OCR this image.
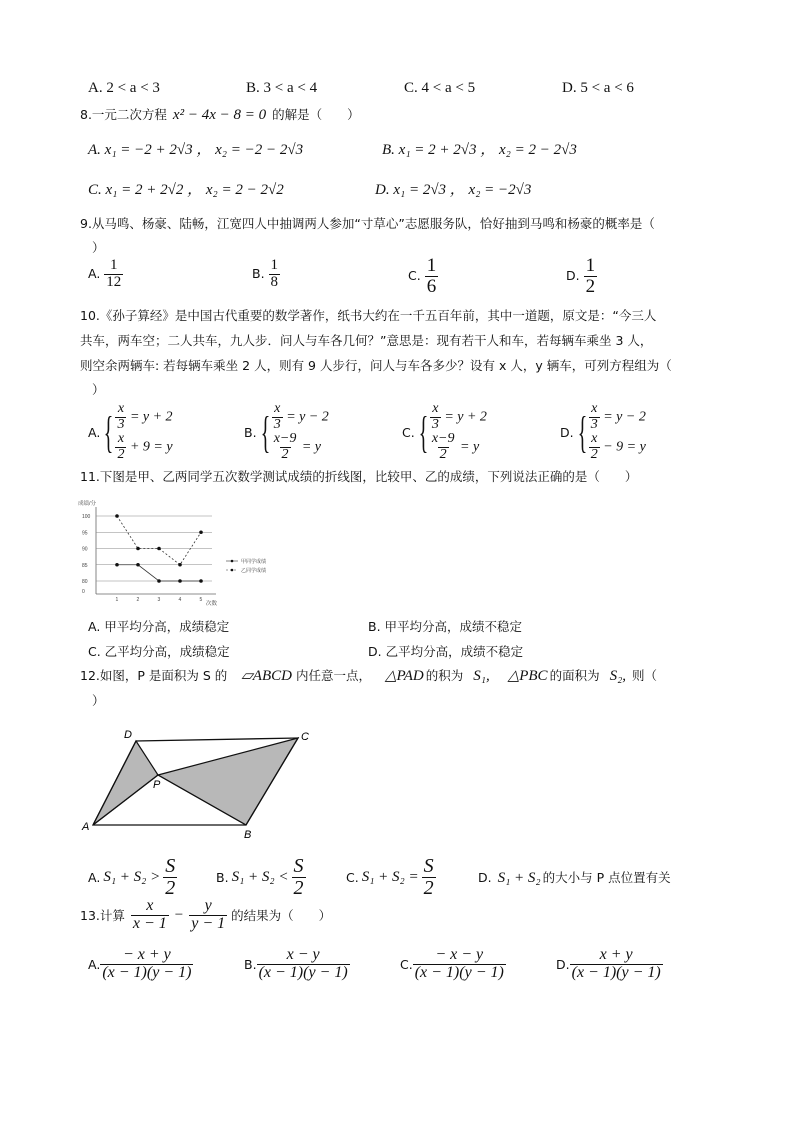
A. 2 < a < 3	B. 3 < a < 4	C. 4 < a < 5	D. 5 < a < 6
8.一元二次方程 x² − 4x − 8 = 0 的解是（　　）
A. x₁ = −2 + 2√3 ， x₂ = −2 − 2√3	B. x₁ = 2 + 2√3 ， x₂ = 2 − 2√3
C. x₁ = 2 + 2√2 ， x₂ = 2 − 2√2	D. x₁ = 2√3 ， x₂ = −2√3
9.从马鸣、杨豪、陆畅，江宽四人中抽调两人参加“寸草心”志愿服务队，恰好抽到马鸣和杨豪的概率是（
）
A. $\frac{1}{12}$	B. $\frac{1}{8}$	C. $\frac{1}{6}$	D. $\frac{1}{2}$
10.《孙子算经》是中国古代重要的数学著作，纸书大约在一千五百年前，其中一道题，原文是：“今三人
共车，两车空；二人共车，九人步．问人与车各几何？”意思是：现有若干人和车，若每辆车乘坐 3 人，
则空余两辆车: 若每辆车乘坐 2 人，则有 9 人步行，问人与车各多少？设有 x 人，y 辆车，可列方程组为（
）
A. { $\frac{x}{3} = y + 2$
$\frac{x}{2} + 9 = y$
B. { $\frac{x}{3} = y - 2$
$\frac{x-9}{2} = y$
C. { $\frac{x}{3} = y + 2$
$\frac{x-9}{2} = y$
D. { $\frac{x}{3} = y - 2$
$\frac{x}{2} - 9 = y$
11.下图是甲、乙两同学五次数学测试成绩的折线图，比较甲、乙的成绩，下列说法正确的是（　　）
成绩/分
100
95
90
85
80
0
1	2	3	4	5
次数
甲同学成绩
乙同学成绩
A. 甲平均分高，成绩稳定	B. 甲平均分高，成绩不稳定
C. 乙平均分高，成绩稳定	D. 乙平均分高，成绩不稳定
12.如图，P 是面积为 S 的 ▱ABCD 内任意一点， △PAD 的积为 S₁, △PBC 的面积为 S₂, 则（
）
D	C
P
A
B
A. $S_1 + S_2 > \frac{S}{2}$	B. $S_1 + S_2 < \frac{S}{2}$	C. $S_1 + S_2 = \frac{S}{2}$	D. S₁ + S₂ 的大小与 P 点位置有关
13.计算 $\frac{x}{x - 1} - \frac{y}{y - 1}$ 的结果为（　　）
A. $\frac{- x + y}{(x - 1)(y - 1)}$	B. $\frac{x - y}{(x - 1)(y - 1)}$	C. $\frac{- x - y}{(x - 1)(y - 1)}$	D. $\frac{x + y}{(x - 1)(y - 1)}$
